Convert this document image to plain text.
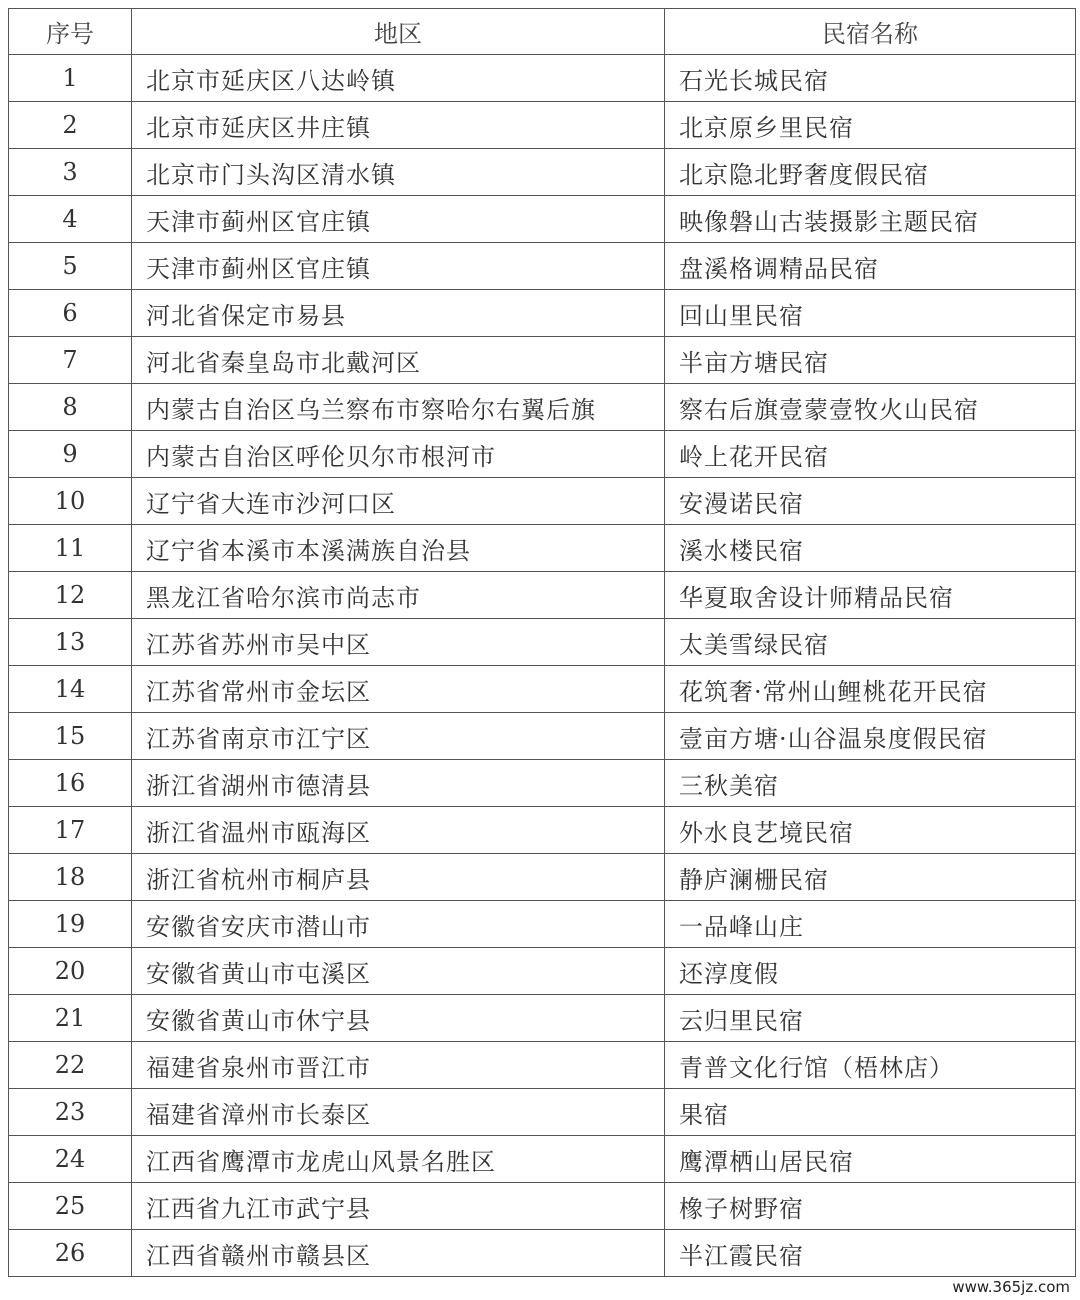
序号	地区	民宿名称
1	北京市延庆区八达岭镇	石光长城民宿
2	北京市延庆区井庄镇	北京原乡里民宿
3	北京市门头沟区清水镇	北京隐北野奢度假民宿
4	天津市蓟州区官庄镇	映像磐山古装摄影主题民宿
5	天津市蓟州区官庄镇	盘溪格调精品民宿
6	河北省保定市易县	回山里民宿
7	河北省秦皇岛市北戴河区	半亩方塘民宿
8	内蒙古自治区乌兰察布市察哈尔右翼后旗	察右后旗壹蒙壹牧火山民宿
9	内蒙古自治区呼伦贝尔市根河市	岭上花开民宿
10	辽宁省大连市沙河口区	安漫诺民宿
11	辽宁省本溪市本溪满族自治县	溪水楼民宿
12	黑龙江省哈尔滨市尚志市	华夏取舍设计师精品民宿
13	江苏省苏州市吴中区	太美雪绿民宿
14	江苏省常州市金坛区	花筑奢·常州山鲤桃花开民宿
15	江苏省南京市江宁区	壹亩方塘·山谷温泉度假民宿
16	浙江省湖州市德清县	三秋美宿
17	浙江省温州市瓯海区	外水良艺境民宿
18	浙江省杭州市桐庐县	静庐澜栅民宿
19	安徽省安庆市潜山市	一品峰山庄
20	安徽省黄山市屯溪区	还淳度假
21	安徽省黄山市休宁县	云归里民宿
22	福建省泉州市晋江市	青普文化行馆（梧林店）
23	福建省漳州市长泰区	果宿
24	江西省鹰潭市龙虎山风景名胜区	鹰潭栖山居民宿
25	江西省九江市武宁县	橡子树野宿
26	江西省赣州市赣县区	半江霞民宿
www.365jz.com
